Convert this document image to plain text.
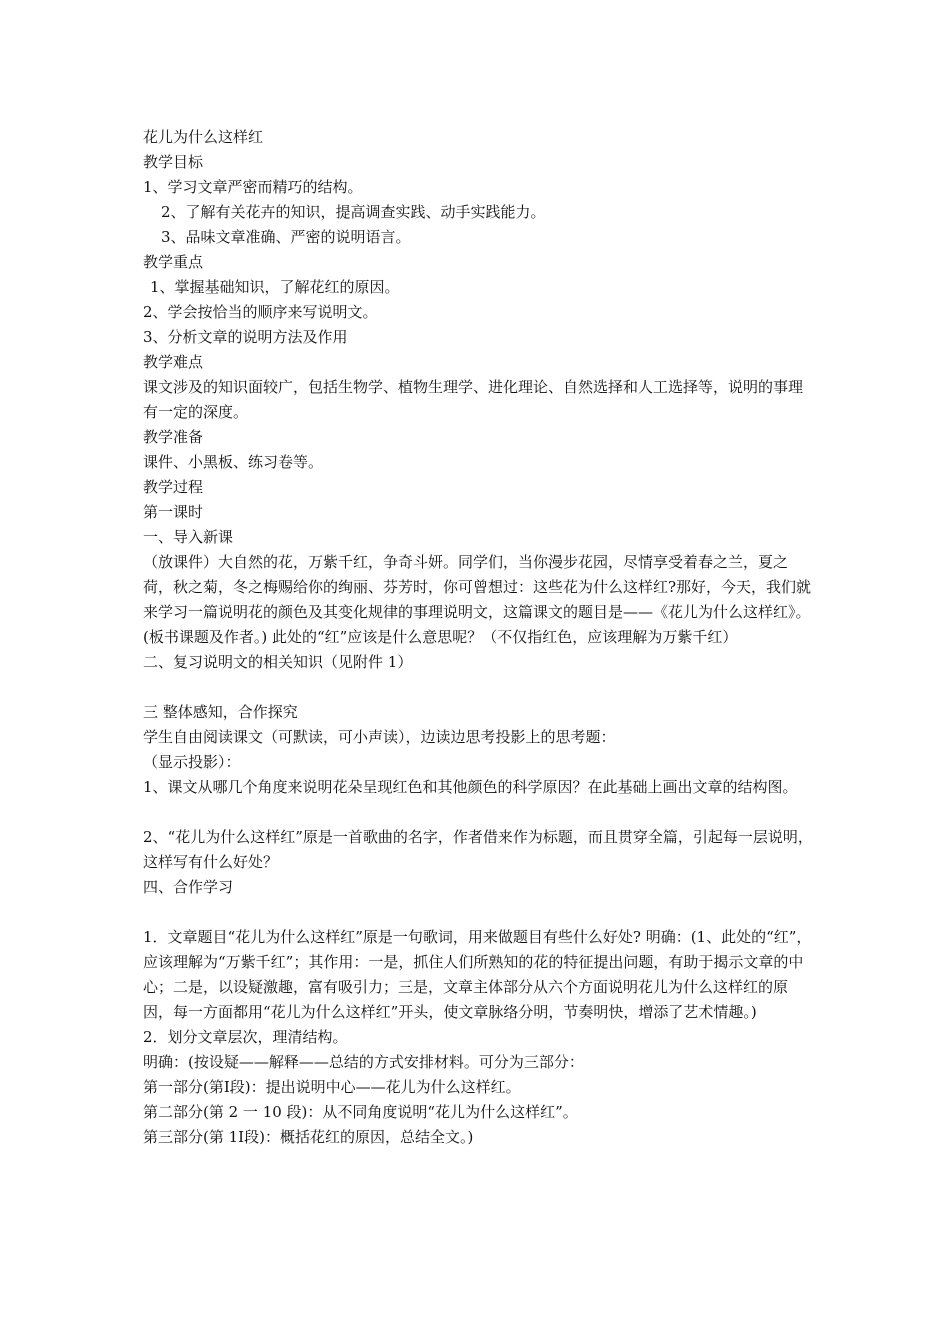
花儿为什么这样红
教学目标
1、学习文章严密而精巧的结构。
2、了解有关花卉的知识，提高调查实践、动手实践能力。
3、品味文章准确、严密的说明语言。
教学重点
1、掌握基础知识，了解花红的原因。
2、学会按恰当的顺序来写说明文。
3、分析文章的说明方法及作用
教学难点
课文涉及的知识面较广，包括生物学、植物生理学、进化理论、自然选择和人工选择等，说明的事理有一定的深度。
教学准备
课件、小黑板、练习卷等。
教学过程
第一课时
一、导入新课
（放课件）大自然的花，万紫千红，争奇斗妍。同学们，当你漫步花园，尽情享受着春之兰，夏之荷，秋之菊，冬之梅赐给你的绚丽、芬芳时，你可曾想过：这些花为什么这样红?那好，今天，我们就来学习一篇说明花的颜色及其变化规律的事理说明文，这篇课文的题目是——《花儿为什么这样红》。(板书课题及作者。) 此处的“红”应该是什么意思呢？（不仅指红色，应该理解为万紫千红）
二、复习说明文的相关知识（见附件 1）
三 整体感知，合作探究
学生自由阅读课文（可默读，可小声读），边读边思考投影上的思考题：
（显示投影）：
1、课文从哪几个角度来说明花朵呈现红色和其他颜色的科学原因？在此基础上画出文章的结构图。
2、“花儿为什么这样红”原是一首歌曲的名字，作者借来作为标题，而且贯穿全篇，引起每一层说明，这样写有什么好处？
四、合作学习
1．文章题目“花儿为什么这样红”原是一句歌词，用来做题目有些什么好处? 明确：(1、此处的“红”，应该理解为“万紫千红”；其作用：一是，抓住人们所熟知的花的特征提出问题，有助于揭示文章的中心；二是，以设疑激趣，富有吸引力；三是，文章主体部分从六个方面说明花儿为什么这样红的原因，每一方面都用“花儿为什么这样红”开头，使文章脉络分明，节奏明快，增添了艺术情趣。)
2．划分文章层次，理清结构。
明确：(按设疑——解释——总结的方式安排材料。可分为三部分：
第一部分(第Ⅰ段)：提出说明中心——花儿为什么这样红。
第二部分(第 2 一 10 段)：从不同角度说明“花儿为什么这样红”。
第三部分(第 1Ⅰ段)：概括花红的原因，总结全文。)
